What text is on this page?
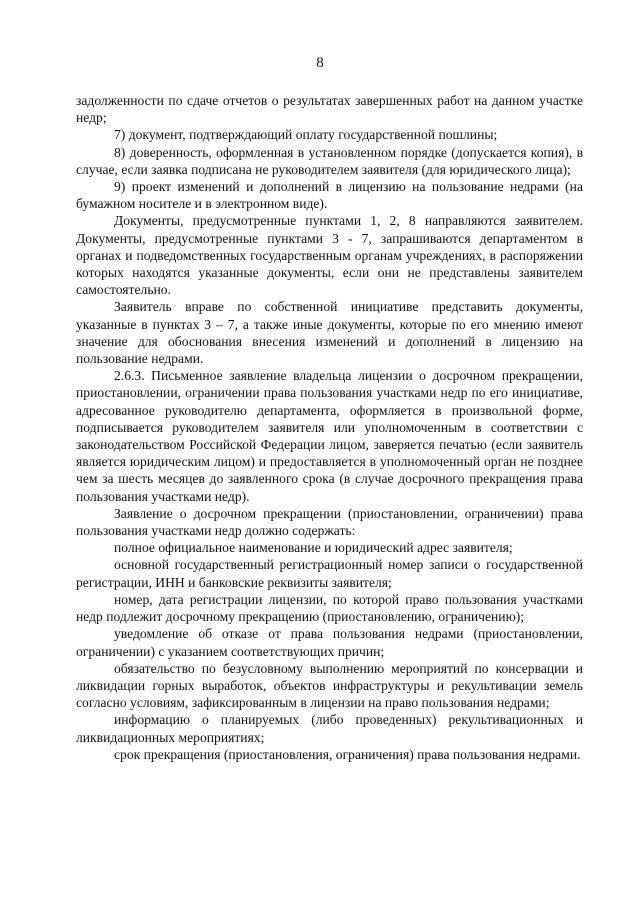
8

задолженности по сдаче отчетов о результатах завершенных работ на данном участке недр;

7) документ, подтверждающий оплату государственной пошлины;

8) доверенность, оформленная в установленном порядке (допускается копия), в случае, если заявка подписана не руководителем заявителя (для юридического лица);

9) проект изменений и дополнений в лицензию на пользование недрами (на бумажном носителе и в электронном виде).

Документы, предусмотренные пунктами 1, 2, 8 направляются заявителем. Документы, предусмотренные пунктами 3 - 7, запрашиваются департаментом в органах и подведомственных государственным органам учреждениях, в распоряжении которых находятся указанные документы, если они не представлены заявителем самостоятельно.

Заявитель вправе по собственной инициативе представить документы, указанные в пунктах 3 – 7, а также иные документы, которые по его мнению имеют значение для обоснования внесения изменений и дополнений в лицензию на пользование недрами.

2.6.3. Письменное заявление владельца лицензии о досрочном прекращении, приостановлении, ограничении права пользования участками недр по его инициативе, адресованное руководителю департамента, оформляется в произвольной форме, подписывается руководителем заявителя или уполномоченным в соответствии с законодательством Российской Федерации лицом, заверяется печатью (если заявитель является юридическим лицом) и предоставляется в уполномоченный орган не позднее чем за шесть месяцев до заявленного срока (в случае досрочного прекращения права пользования участками недр).

Заявление о досрочном прекращении (приостановлении, ограничении) права пользования участками недр должно содержать:

полное официальное наименование и юридический адрес заявителя;

основной государственный регистрационный номер записи о государственной регистрации, ИНН и банковские реквизиты заявителя;

номер, дата регистрации лицензии, по которой право пользования участками недр подлежит досрочному прекращению (приостановлению, ограничению);

уведомление об отказе от права пользования недрами (приостановлении, ограничении) с указанием соответствующих причин;

обязательство по безусловному выполнению мероприятий по консервации и ликвидации горных выработок, объектов инфраструктуры и рекультивации земель согласно условиям, зафиксированным в лицензии на право пользования недрами;

информацию о планируемых (либо проведенных) рекультивационных и ликвидационных мероприятиях;

срок прекращения (приостановления, ограничения) права пользования недрами.
